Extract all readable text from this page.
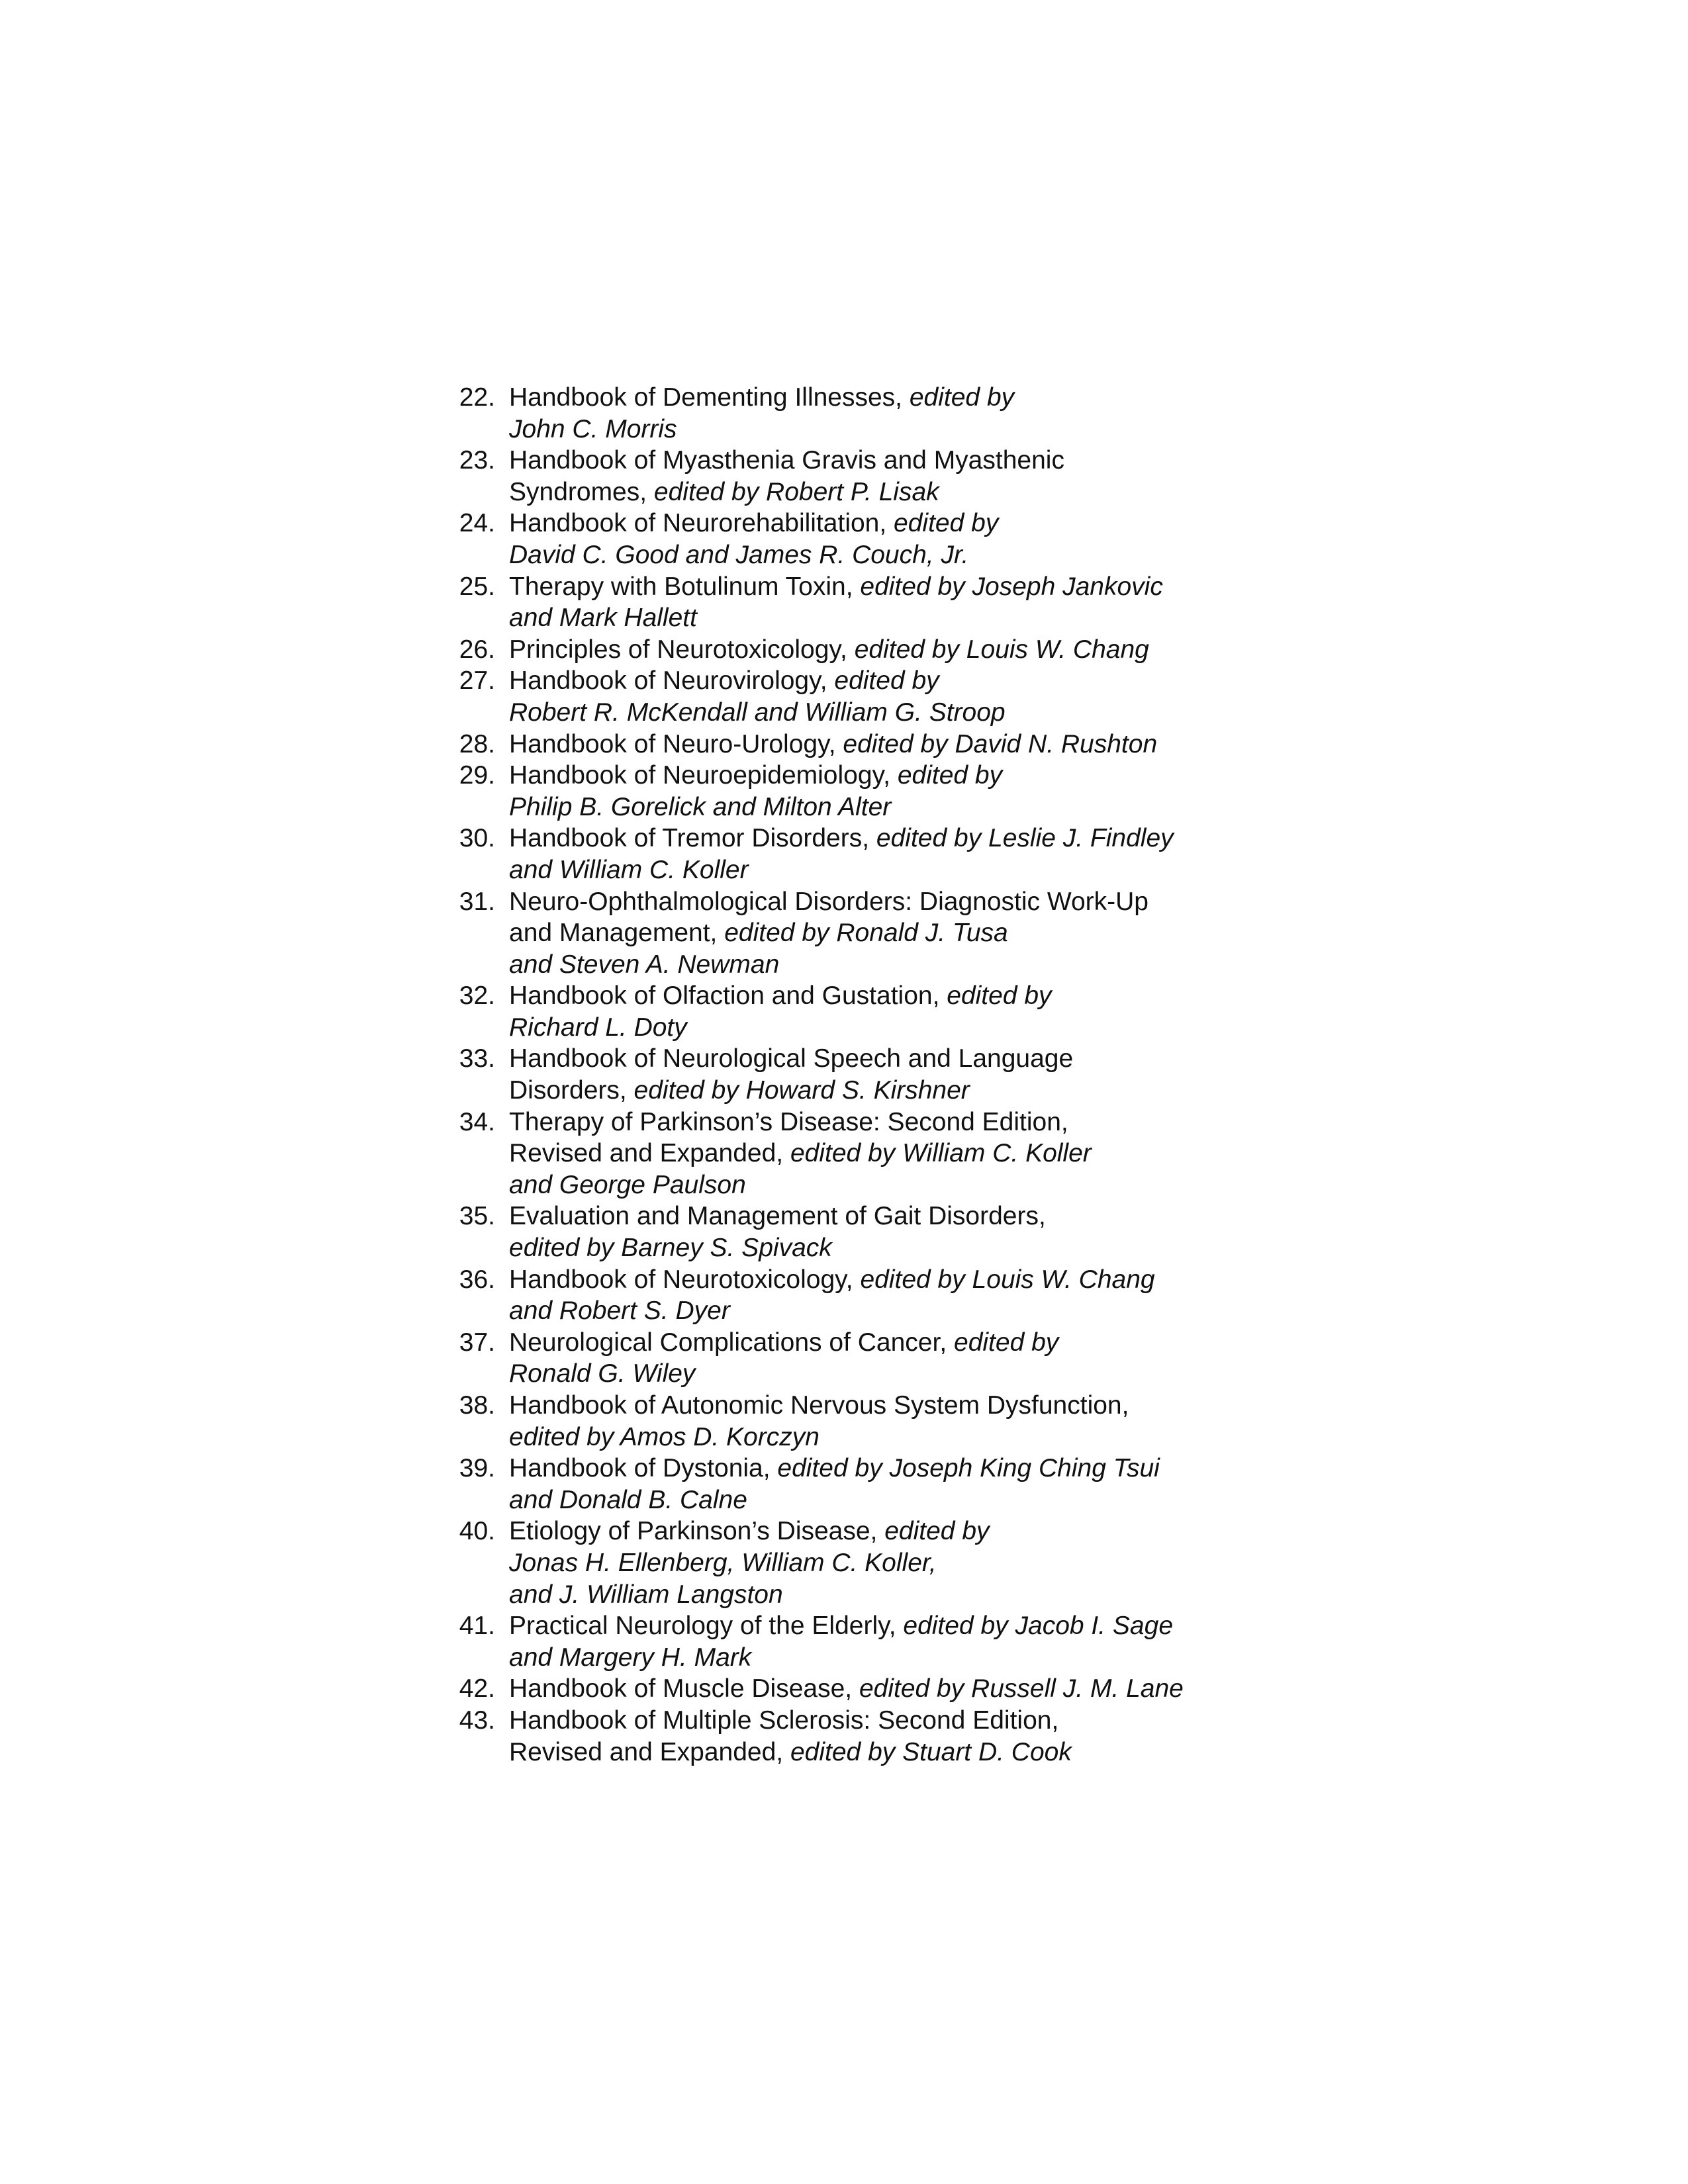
22. Handbook of Dementing Illnesses, edited by
John C. Morris
23. Handbook of Myasthenia Gravis and Myasthenic
Syndromes, edited by Robert P. Lisak
24. Handbook of Neurorehabilitation, edited by
David C. Good and James R. Couch, Jr.
25. Therapy with Botulinum Toxin, edited by Joseph Jankovic
and Mark Hallett
26. Principles of Neurotoxicology, edited by Louis W. Chang
27. Handbook of Neurovirology, edited by
Robert R. McKendall and William G. Stroop
28. Handbook of Neuro-Urology, edited by David N. Rushton
29. Handbook of Neuroepidemiology, edited by
Philip B. Gorelick and Milton Alter
30. Handbook of Tremor Disorders, edited by Leslie J. Findley
and William C. Koller
31. Neuro-Ophthalmological Disorders: Diagnostic Work-Up
and Management, edited by Ronald J. Tusa
and Steven A. Newman
32. Handbook of Olfaction and Gustation, edited by
Richard L. Doty
33. Handbook of Neurological Speech and Language
Disorders, edited by Howard S. Kirshner
34. Therapy of Parkinson’s Disease: Second Edition,
Revised and Expanded, edited by William C. Koller
and George Paulson
35. Evaluation and Management of Gait Disorders,
edited by Barney S. Spivack
36. Handbook of Neurotoxicology, edited by Louis W. Chang
and Robert S. Dyer
37. Neurological Complications of Cancer, edited by
Ronald G. Wiley
38. Handbook of Autonomic Nervous System Dysfunction,
edited by Amos D. Korczyn
39. Handbook of Dystonia, edited by Joseph King Ching Tsui
and Donald B. Calne
40. Etiology of Parkinson’s Disease, edited by
Jonas H. Ellenberg, William C. Koller,
and J. William Langston
41. Practical Neurology of the Elderly, edited by Jacob I. Sage
and Margery H. Mark
42. Handbook of Muscle Disease, edited by Russell J. M. Lane
43. Handbook of Multiple Sclerosis: Second Edition,
Revised and Expanded, edited by Stuart D. Cook
